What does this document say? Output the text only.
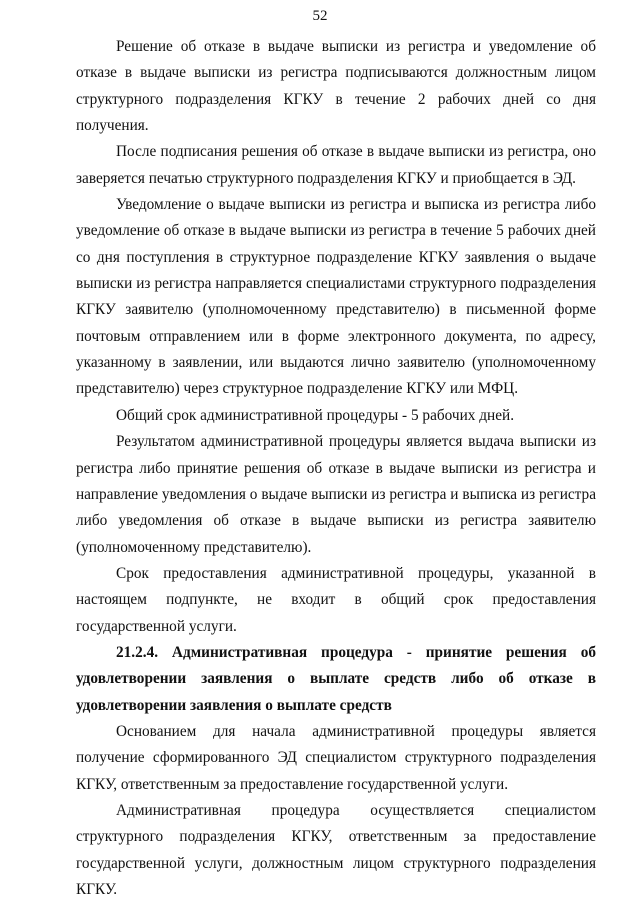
52

Решение об отказе в выдаче выписки из регистра и уведомление об отказе в выдаче выписки из регистра подписываются должностным лицом структурного подразделения КГКУ в течение 2 рабочих дней со дня получения.

После подписания решения об отказе в выдаче выписки из регистра, оно заверяется печатью структурного подразделения КГКУ и приобщается в ЭД.

Уведомление о выдаче выписки из регистра и выписка из регистра либо уведомление об отказе в выдаче выписки из регистра в течение 5 рабочих дней со дня поступления в структурное подразделение КГКУ заявления о выдаче выписки из регистра направляется специалистами структурного подразделения КГКУ заявителю (уполномоченному представителю) в письменной форме почтовым отправлением или в форме электронного документа, по адресу, указанному в заявлении, или выдаются лично заявителю (уполномоченному представителю) через структурное подразделение КГКУ или МФЦ.

Общий срок административной процедуры - 5 рабочих дней.

Результатом административной процедуры является выдача выписки из регистра либо принятие решения об отказе в выдаче выписки из регистра и направление уведомления о выдаче выписки из регистра и выписка из регистра либо уведомления об отказе в выдаче выписки из регистра заявителю (уполномоченному представителю).

Срок предоставления административной процедуры, указанной в настоящем подпункте, не входит в общий срок предоставления государственной услуги.

21.2.4. Административная процедура - принятие решения об удовлетворении заявления о выплате средств либо об отказе в удовлетворении заявления о выплате средств

Основанием для начала административной процедуры является получение сформированного ЭД специалистом структурного подразделения КГКУ, ответственным за предоставление государственной услуги.

Административная процедура осуществляется специалистом структурного подразделения КГКУ, ответственным за предоставление государственной услуги, должностным лицом структурного подразделения КГКУ.
